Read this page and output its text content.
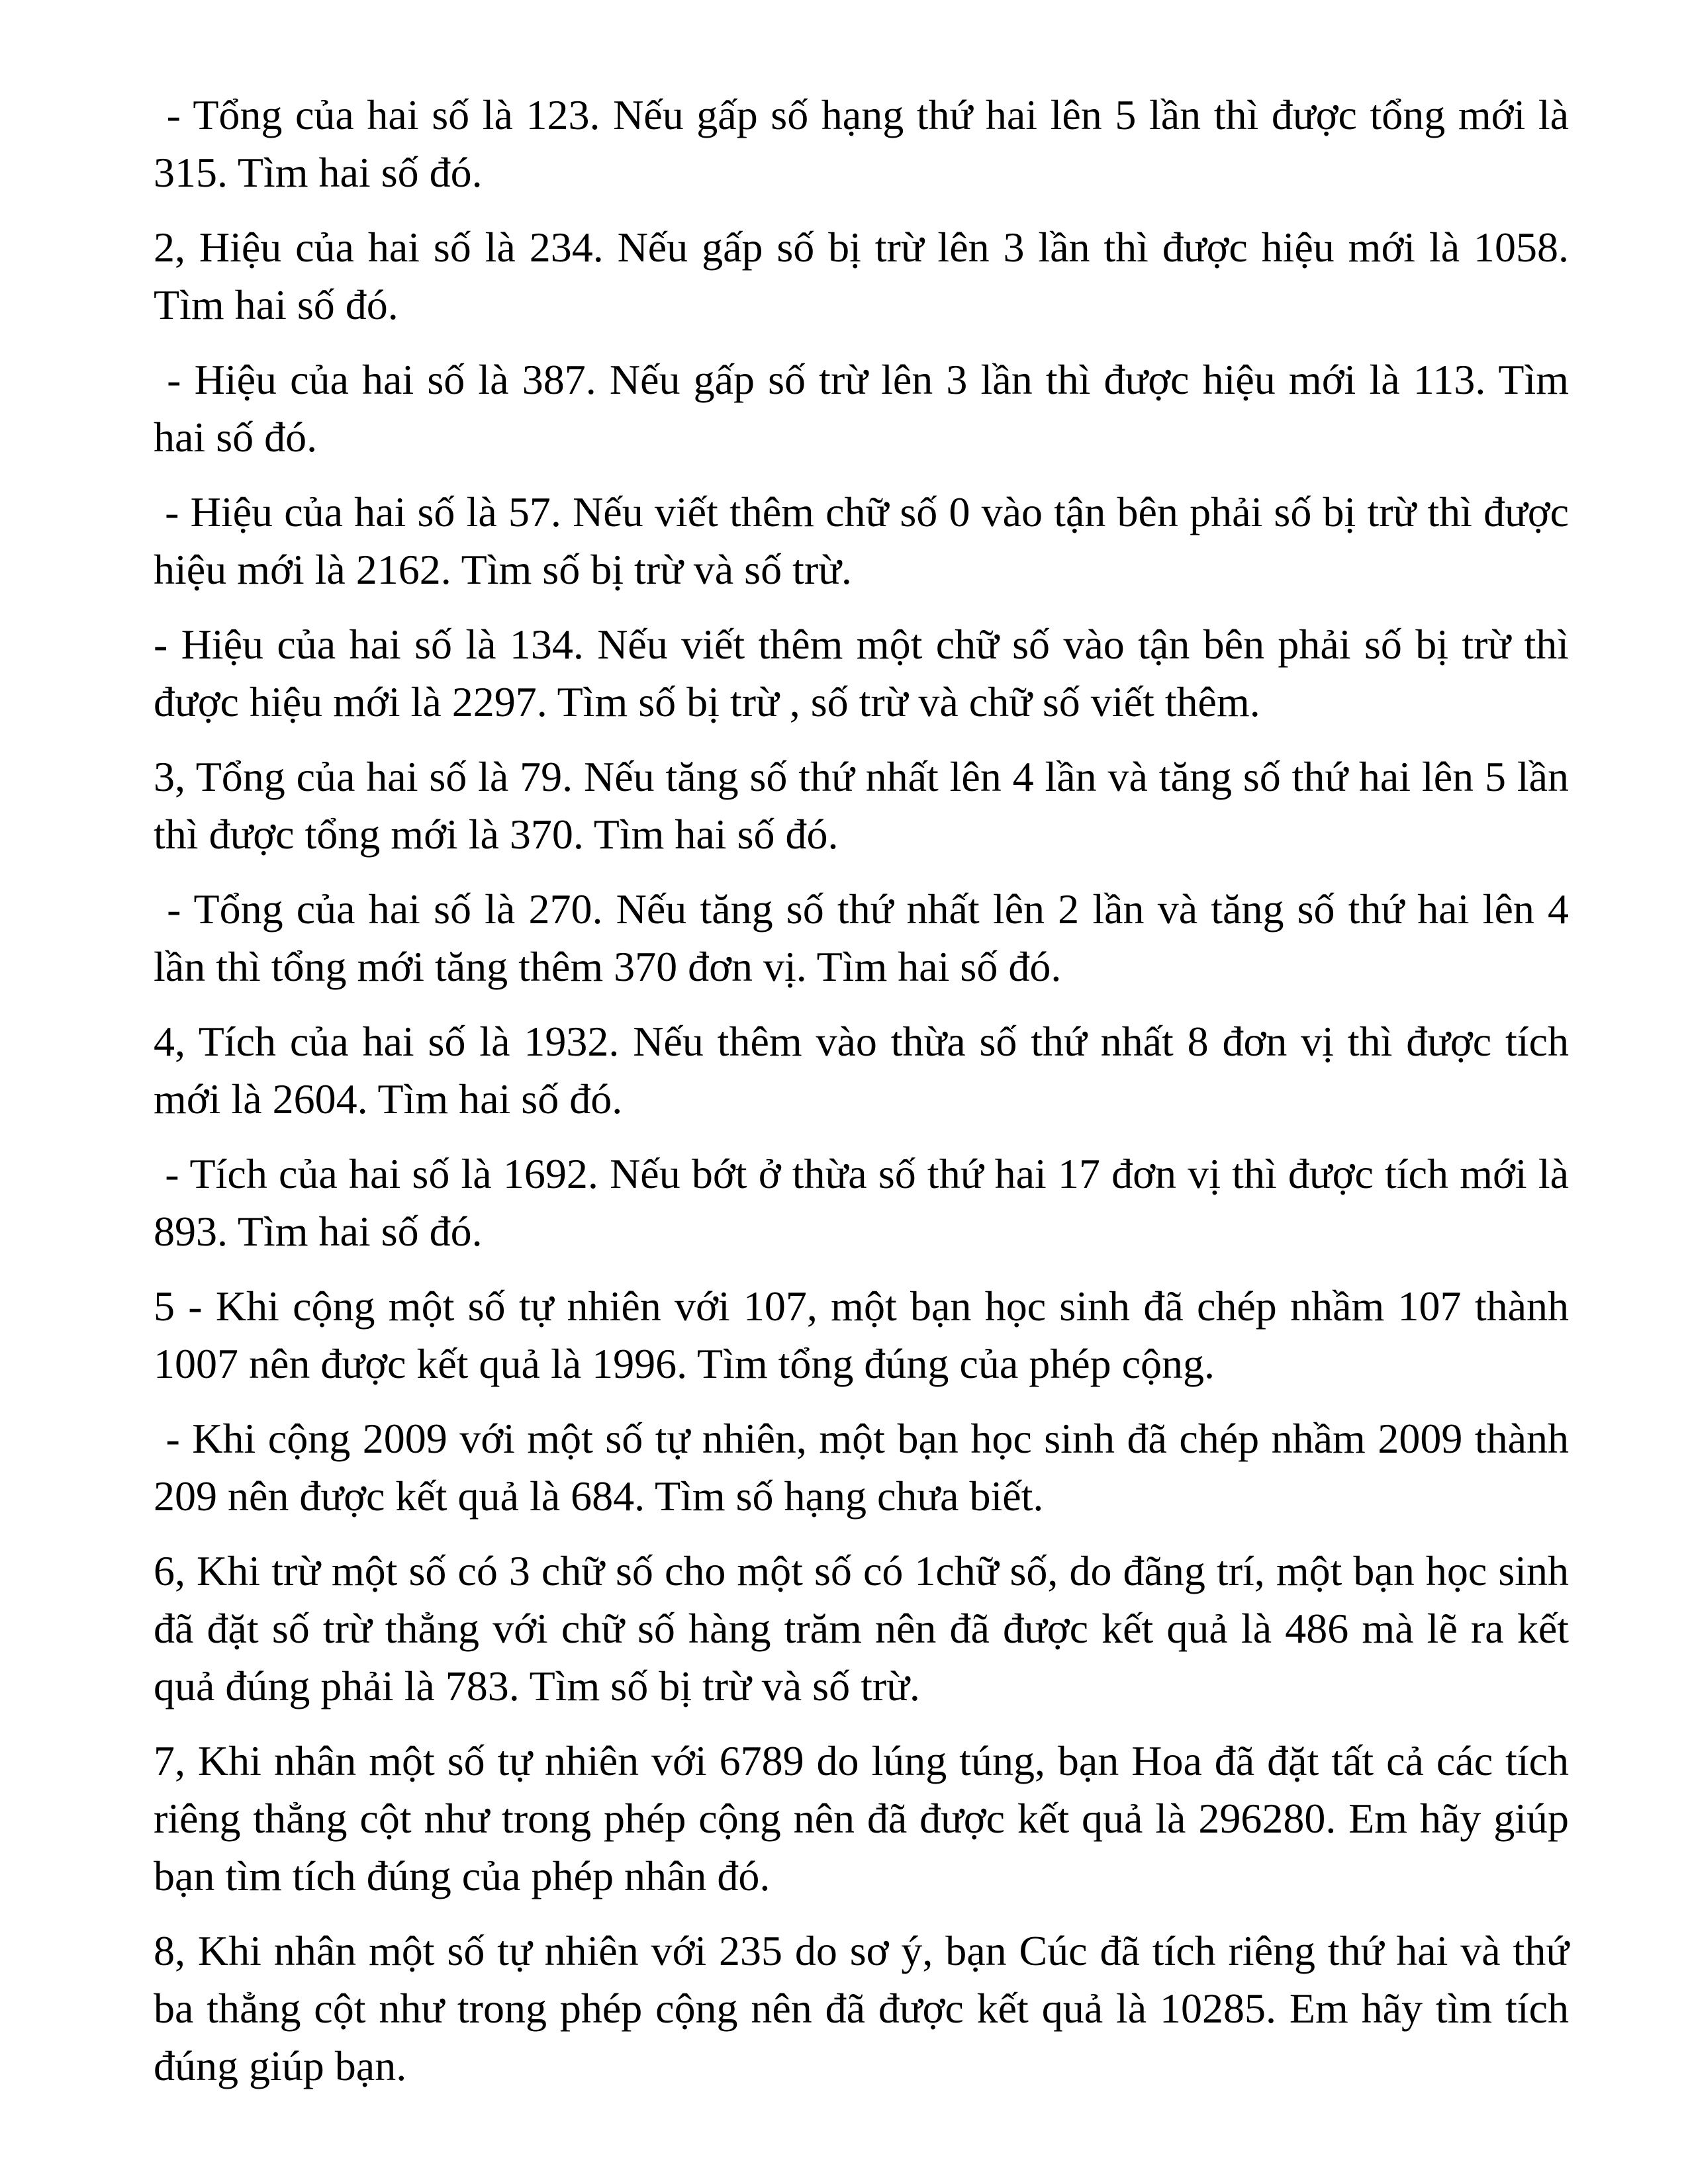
- Tổng của hai số là 123. Nếu gấp số hạng thứ hai lên 5 lần thì được tổng mới là 315. Tìm hai số đó.

2, Hiệu của hai số là 234. Nếu gấp số bị trừ lên 3 lần thì được hiệu mới là 1058. Tìm hai số đó.

- Hiệu của hai số là 387. Nếu gấp số trừ lên 3 lần thì được hiệu mới là 113. Tìm hai số đó.

- Hiệu của hai số là 57. Nếu viết thêm chữ số 0 vào tận bên phải số bị trừ thì được hiệu mới là 2162. Tìm số bị trừ và số trừ.

- Hiệu của hai số là 134. Nếu viết thêm một chữ số vào tận bên phải số bị trừ thì được hiệu mới là 2297. Tìm số bị trừ , số trừ và chữ số viết thêm.

3, Tổng của hai số là 79. Nếu tăng số thứ nhất lên 4 lần và tăng số thứ hai lên 5 lần thì được tổng mới là 370. Tìm hai số đó.

- Tổng của hai số là 270. Nếu tăng số thứ nhất lên 2 lần và tăng số thứ hai lên 4 lần thì tổng mới tăng thêm 370 đơn vị. Tìm hai số đó.

4, Tích của hai số là 1932. Nếu thêm vào thừa số thứ nhất 8 đơn vị thì được tích mới là 2604. Tìm hai số đó.

- Tích của hai số là 1692. Nếu bớt ở thừa số thứ hai 17 đơn vị thì được tích mới là 893. Tìm hai số đó.

5 - Khi cộng một số tự nhiên với 107, một bạn học sinh đã chép nhầm 107 thành 1007 nên được kết quả là 1996. Tìm tổng đúng của phép cộng.

- Khi cộng 2009 với một số tự nhiên, một bạn học sinh đã chép nhầm 2009 thành 209 nên được kết quả là 684. Tìm số hạng chưa biết.

6, Khi trừ một số có 3 chữ số cho một số có 1chữ số, do đãng trí, một bạn học sinh đã đặt số trừ thẳng với chữ số hàng trăm nên đã được kết quả là 486 mà lẽ ra kết quả đúng phải là 783. Tìm số bị trừ và số trừ.

7, Khi nhân một số tự nhiên với 6789 do lúng túng, bạn Hoa đã đặt tất cả các tích riêng thẳng cột như trong phép cộng nên đã được kết quả là 296280. Em hãy giúp bạn tìm tích đúng của phép nhân đó.

8, Khi nhân một số tự nhiên với 235 do sơ ý, bạn Cúc đã tích riêng thứ hai và thứ ba thẳng cột như trong phép cộng nên đã được kết quả là 10285. Em hãy tìm tích đúng giúp bạn.
